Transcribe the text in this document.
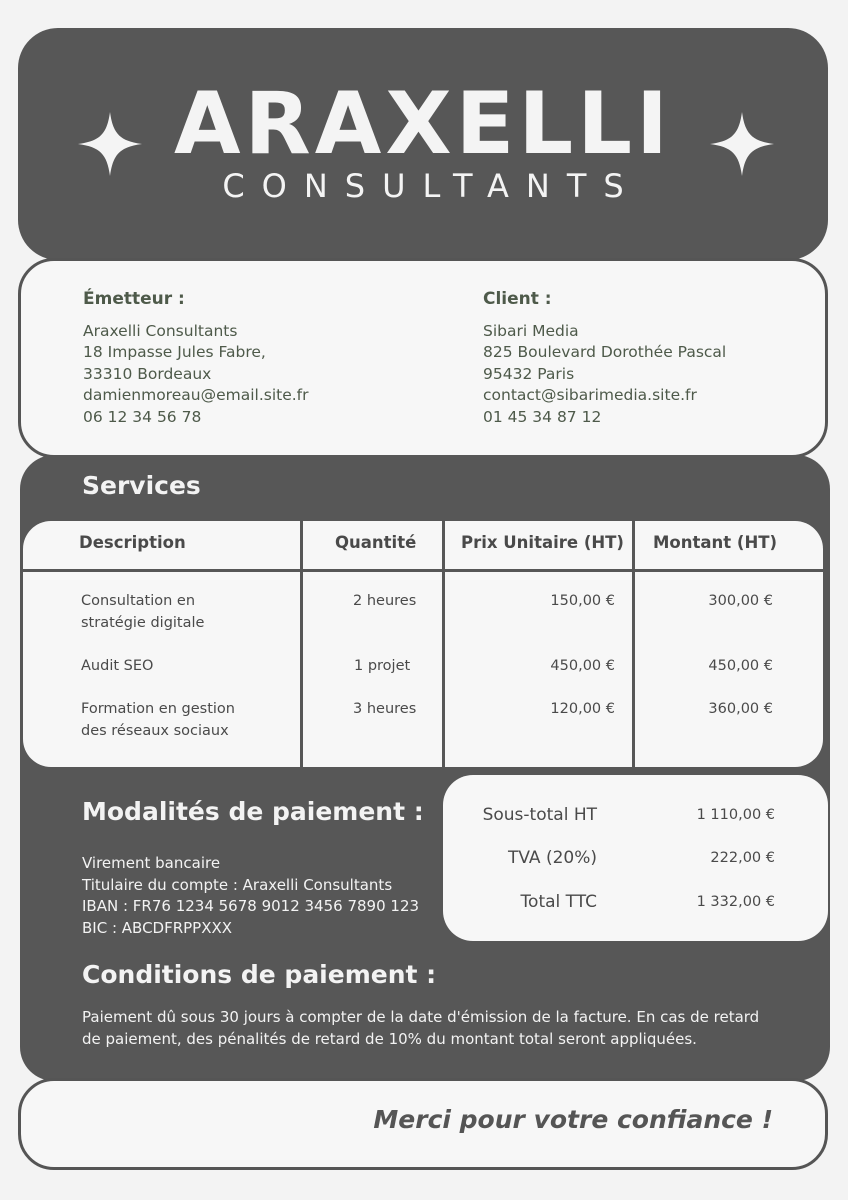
ARAXELLI
CONSULTANTS
Émetteur :
Araxelli Consultants
18 Impasse Jules Fabre,
33310 Bordeaux
damienmoreau@email.site.fr
06 12 34 56 78
Client :
Sibari Media
825 Boulevard Dorothée Pascal
95432 Paris
contact@sibarimedia.site.fr
01 45 34 87 12
Services
Description	Quantité	Prix Unitaire (HT) Montant (HT)
Consultation en
stratégie digitale
2 heures	150,00 €	300,00 €
Audit SEO	1 projet	450,00 €	450,00 €
Formation en gestion
des réseaux sociaux
3 heures	120,00 €	360,00 €
Sous-total HT	1 110,00 €
TVA (20%)	222,00 €
Total TTC	1 332,00 €
Modalités de paiement :
Virement bancaire
Titulaire du compte : Araxelli Consultants
IBAN : FR76 1234 5678 9012 3456 7890 123
BIC : ABCDFRPPXXX
Conditions de paiement :
Paiement dû sous 30 jours à compter de la date d'émission de la facture. En cas de retard
de paiement, des pénalités de retard de 10% du montant total seront appliquées.
Merci pour votre confiance !
